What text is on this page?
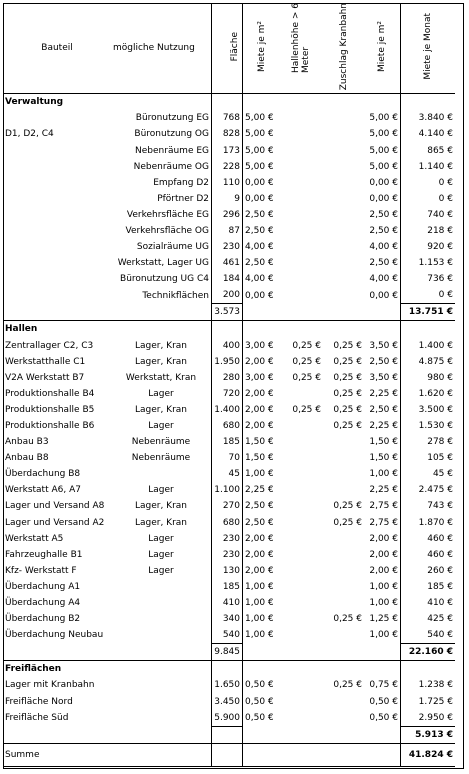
Bauteil	mögliche Nutzung	Fläche	Miete je m²	Hallenhöhe > 6 Meter	Zuschlag Kranbahn	Miete je m²	Miete je Monat
Verwaltung							
	Büronutzung EG	768	5,00 €			5,00 €	3.840 €
D1, D2, C4	Büronutzung OG	828	5,00 €			5,00 €	4.140 €
	Nebenräume EG	173	5,00 €			5,00 €	865 €
	Nebenräume OG	228	5,00 €			5,00 €	1.140 €
	Empfang D2	110	0,00 €			0,00 €	0 €
	Pförtner D2	9	0,00 €			0,00 €	0 €
	Verkehrsfläche EG	296	2,50 €			2,50 €	740 €
	Verkehrsfläche OG	87	2,50 €			2,50 €	218 €
	Sozialräume UG	230	4,00 €			4,00 €	920 €
	Werkstatt, Lager UG	461	2,50 €			2,50 €	1.153 €
	Büronutzung UG C4	184	4,00 €			4,00 €	736 €
	Technikflächen	200	0,00 €			0,00 €	0 €
		3.573					13.751 €
Hallen							
Zentrallager C2, C3	Lager, Kran	400	3,00 €	0,25 €	0,25 €	3,50 €	1.400 €
Werkstatthalle C1	Lager, Kran	1.950	2,00 €	0,25 €	0,25 €	2,50 €	4.875 €
V2A Werkstatt B7	Werkstatt, Kran	280	3,00 €	0,25 €	0,25 €	3,50 €	980 €
Produktionshalle B4	Lager	720	2,00 €		0,25 €	2,25 €	1.620 €
Produktionshalle B5	Lager, Kran	1.400	2,00 €	0,25 €	0,25 €	2,50 €	3.500 €
Produktionshalle B6	Lager	680	2,00 €		0,25 €	2,25 €	1.530 €
Anbau B3	Nebenräume	185	1,50 €			1,50 €	278 €
Anbau B8	Nebenräume	70	1,50 €			1,50 €	105 €
Überdachung B8		45	1,00 €			1,00 €	45 €
Werkstatt A6, A7	Lager	1.100	2,25 €			2,25 €	2.475 €
Lager und Versand A8	Lager, Kran	270	2,50 €		0,25 €	2,75 €	743 €
Lager und Versand A2	Lager, Kran	680	2,50 €		0,25 €	2,75 €	1.870 €
Werkstatt A5	Lager	230	2,00 €			2,00 €	460 €
Fahrzeughalle B1	Lager	230	2,00 €			2,00 €	460 €
Kfz- Werkstatt F	Lager	130	2,00 €			2,00 €	260 €
Überdachung A1		185	1,00 €			1,00 €	185 €
Überdachung A4		410	1,00 €			1,00 €	410 €
Überdachung B2		340	1,00 €		0,25 €	1,25 €	425 €
Überdachung Neubau		540	1,00 €			1,00 €	540 €
		9.845					22.160 €
Freiflächen							
Lager mit Kranbahn		1.650	0,50 €		0,25 €	0,75 €	1.238 €
Freifläche Nord		3.450	0,50 €			0,50 €	1.725 €
Freifläche Süd		5.900	0,50 €			0,50 €	2.950 €
							5.913 €
Summe							41.824 €
